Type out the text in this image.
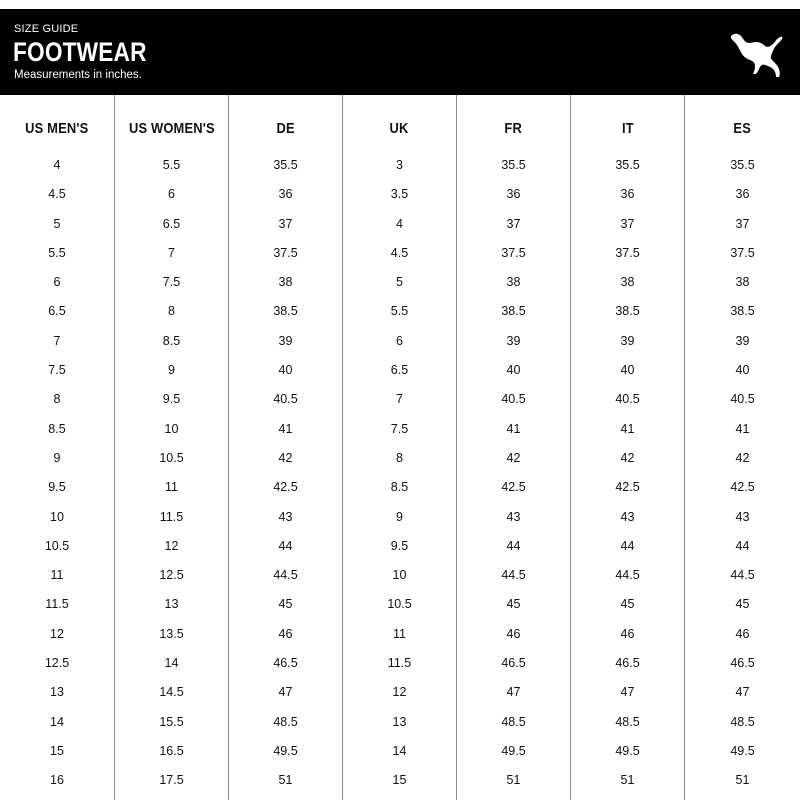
SIZE GUIDE
FOOTWEAR
Measurements in inches.
US MEN'S
4
4.5
5
5.5
6
6.5
7
7.5
8
8.5
9
9.5
10
10.5
11
11.5
12
12.5
13
14
15
16
US WOMEN'S
5.5
6
6.5
7
7.5
8
8.5
9
9.5
10
10.5
11
11.5
12
12.5
13
13.5
14
14.5
15.5
16.5
17.5
DE
35.5
36
37
37.5
38
38.5
39
40
40.5
41
42
42.5
43
44
44.5
45
46
46.5
47
48.5
49.5
51
UK
3
3.5
4
4.5
5
5.5
6
6.5
7
7.5
8
8.5
9
9.5
10
10.5
11
11.5
12
13
14
15
FR
35.5
36
37
37.5
38
38.5
39
40
40.5
41
42
42.5
43
44
44.5
45
46
46.5
47
48.5
49.5
51
IT
35.5
36
37
37.5
38
38.5
39
40
40.5
41
42
42.5
43
44
44.5
45
46
46.5
47
48.5
49.5
51
ES
35.5
36
37
37.5
38
38.5
39
40
40.5
41
42
42.5
43
44
44.5
45
46
46.5
47
48.5
49.5
51
